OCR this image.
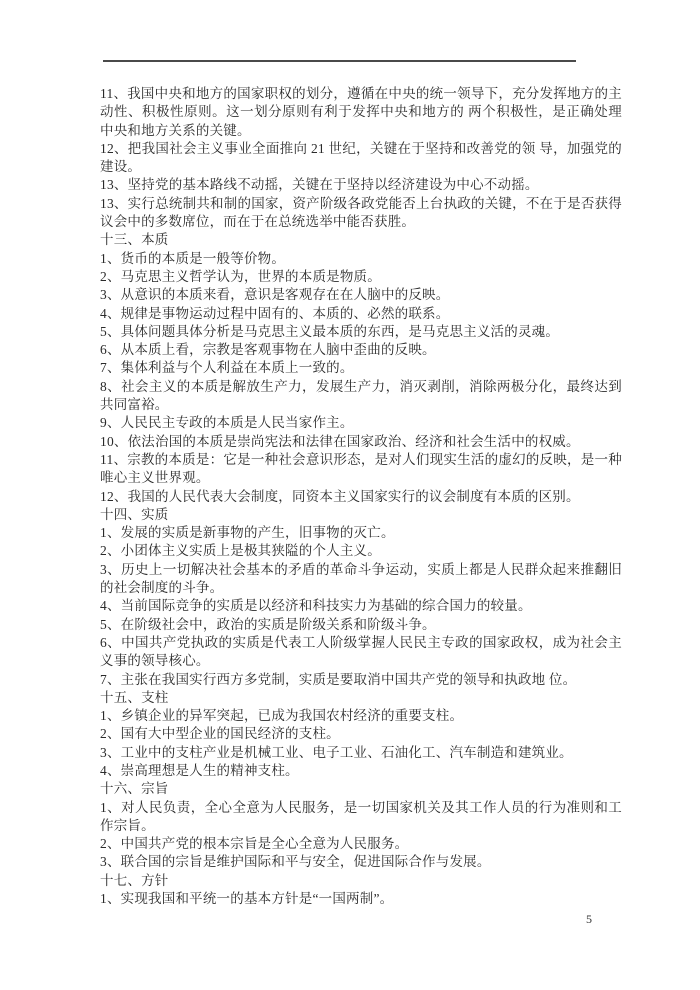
11、我国中央和地方的国家职权的划分，遵循在中央的统一领导下，充分发挥地方的主动性、积极性原则。这一划分原则有利于发挥中央和地方的 两个积极性，是正确处理中央和地方关系的关键。

12、把我国社会主义事业全面推向 21 世纪，关键在于坚持和改善党的领 导，加强党的建设。

13、坚持党的基本路线不动摇，关键在于坚持以经济建设为中心不动摇。

13、实行总统制共和制的国家，资产阶级各政党能否上台执政的关键，不在于是否获得议会中的多数席位，而在于在总统选举中能否获胜。

十三、本质

1、货币的本质是一般等价物。

2、马克思主义哲学认为，世界的本质是物质。

3、从意识的本质来看，意识是客观存在在人脑中的反映。

4、规律是事物运动过程中固有的、本质的、必然的联系。

5、具体问题具体分析是马克思主义最本质的东西，是马克思主义活的灵魂。

6、从本质上看，宗教是客观事物在人脑中歪曲的反映。

7、集体利益与个人利益在本质上一致的。

8、社会主义的本质是解放生产力，发展生产力，消灭剥削，消除两极分化，最终达到共同富裕。

9、人民民主专政的本质是人民当家作主。

10、依法治国的本质是崇尚宪法和法律在国家政治、经济和社会生活中的权威。

11、宗教的本质是：它是一种社会意识形态，是对人们现实生活的虚幻的反映，是一种唯心主义世界观。

12、我国的人民代表大会制度，同资本主义国家实行的议会制度有本质的区别。

十四、实质

1、发展的实质是新事物的产生，旧事物的灭亡。

2、小团体主义实质上是极其狭隘的个人主义。

3、历史上一切解决社会基本的矛盾的革命斗争运动，实质上都是人民群众起来推翻旧的社会制度的斗争。

4、当前国际竞争的实质是以经济和科技实力为基础的综合国力的较量。

5、在阶级社会中，政治的实质是阶级关系和阶级斗争。

6、中国共产党执政的实质是代表工人阶级掌握人民民主专政的国家政权，成为社会主义事的领导核心。

7、主张在我国实行西方多党制，实质是要取消中国共产党的领导和执政地 位。

十五、支柱

1、乡镇企业的异军突起，已成为我国农村经济的重要支柱。

2、国有大中型企业的国民经济的支柱。

3、工业中的支柱产业是机械工业、电子工业、石油化工、汽车制造和建筑业。

4、崇高理想是人生的精神支柱。

十六、宗旨

1、对人民负责，全心全意为人民服务，是一切国家机关及其工作人员的行为准则和工作宗旨。

2、中国共产党的根本宗旨是全心全意为人民服务。

3、联合国的宗旨是维护国际和平与安全，促进国际合作与发展。

十七、方针

1、实现我国和平统一的基本方针是“一国两制”。

5
